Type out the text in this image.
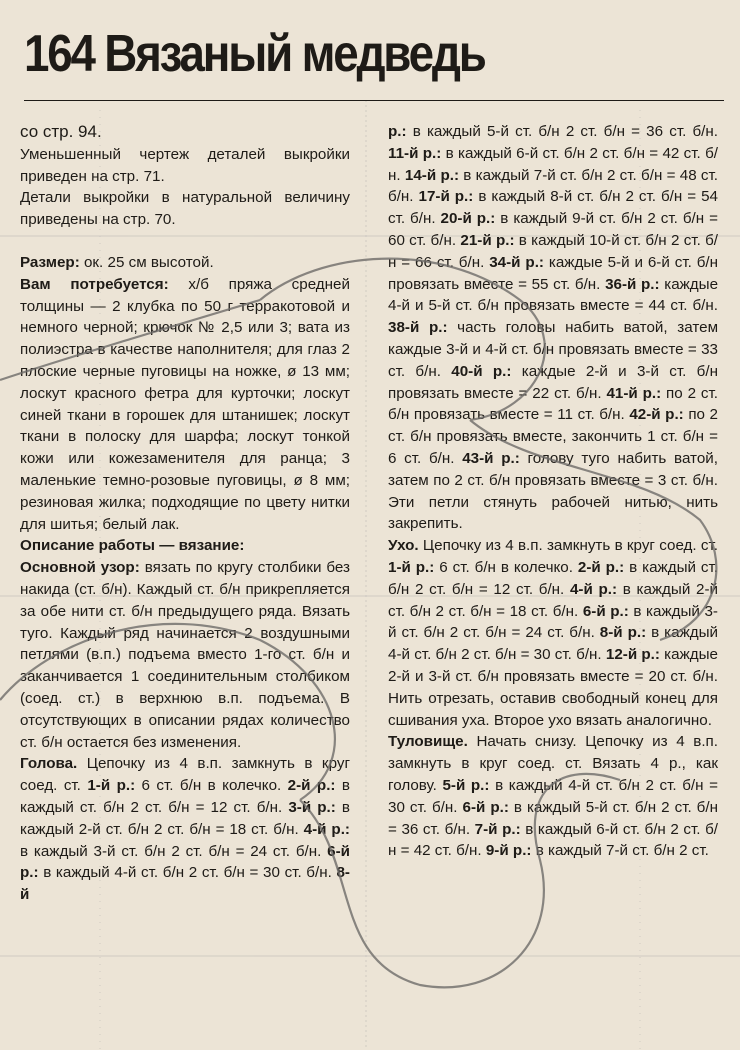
164 Вязаный медведь

со стр. 94.
Уменьшенный чертеж деталей выкройки приведен на стр. 71.

Детали выкройки в натуральной величину приведены на стр. 70.

Размер: ок. 25 см высотой.

Вам потребуется: х/б пряжа средней толщины — 2 клубка по 50 г терракотовой и немного черной; крючок № 2,5 или 3; вата из полиэстра в качестве наполнителя; для глаз 2 плоские черные пуговицы на ножке, ø 13 мм; лоскут красного фетра для курточки; лоскут синей ткани в горошек для штанишек; лоскут ткани в полоску для шарфа; лоскут тонкой кожи или кожезаменителя для ранца; 3 маленькие темно-розовые пуговицы, ø 8 мм; резиновая жилка; подходящие по цвету нитки для шитья; белый лак.

Описание работы — вязание:

Основной узор: вязать по кругу столбики без накида (ст. б/н). Каждый ст. б/н прикрепляется за обе нити ст. б/н предыдущего ряда. Вязать туго. Каждый ряд начинается 2 воздушными петлями (в.п.) подъема вместо 1-го ст. б/н и заканчивается 1 соединительным столбиком (соед. ст.) в верхнюю в.п. подъема. В отсутствующих в описании рядах количество ст. б/н остается без изменения.

Голова. Цепочку из 4 в.п. замкнуть в круг соед. ст. 1-й р.: 6 ст. б/н в колечко. 2-й р.: в каждый ст. б/н 2 ст. б/н = 12 ст. б/н. 3-й р.: в каждый 2-й ст. б/н 2 ст. б/н = 18 ст. б/н. 4-й р.: в каждый 3-й ст. б/н 2 ст. б/н = 24 ст. б/н. 6-й р.: в каждый 4-й ст. б/н 2 ст. б/н = 30 ст. б/н. 8-й

р.: в каждый 5-й ст. б/н 2 ст. б/н = 36 ст. б/н. 11-й р.: в каждый 6-й ст. б/н 2 ст. б/н = 42 ст. б/н. 14-й р.: в каждый 7-й ст. б/н 2 ст. б/н = 48 ст. б/н. 17-й р.: в каждый 8-й ст. б/н 2 ст. б/н = 54 ст. б/н. 20-й р.: в каждый 9-й ст. б/н 2 ст. б/н = 60 ст. б/н. 21-й р.: в каждый 10-й ст. б/н 2 ст. б/н = 66 ст. б/н. 34-й р.: каждые 5-й и 6-й ст. б/н провязать вместе = 55 ст. б/н. 36-й р.: каждые 4-й и 5-й ст. б/н провязать вместе = 44 ст. б/н. 38-й р.: часть головы набить ватой, затем каждые 3-й и 4-й ст. б/н провязать вместе = 33 ст. б/н. 40-й р.: каждые 2-й и 3-й ст. б/н провязать вместе = 22 ст. б/н. 41-й р.: по 2 ст. б/н провязать вместе = 11 ст. б/н. 42-й р.: по 2 ст. б/н провязать вместе, закончить 1 ст. б/н = 6 ст. б/н. 43-й р.: голову туго набить ватой, затем по 2 ст. б/н провязать вместе = 3 ст. б/н. Эти петли стянуть рабочей нитью, нить закрепить.

Ухо. Цепочку из 4 в.п. замкнуть в круг соед. ст. 1-й р.: 6 ст. б/н в колечко. 2-й р.: в каждый ст. б/н 2 ст. б/н = 12 ст. б/н. 4-й р.: в каждый 2-й ст. б/н 2 ст. б/н = 18 ст. б/н. 6-й р.: в каждый 3-й ст. б/н 2 ст. б/н = 24 ст. б/н. 8-й р.: в каждый 4-й ст. б/н 2 ст. б/н = 30 ст. б/н. 12-й р.: каждые 2-й и 3-й ст. б/н провязать вместе = 20 ст. б/н. Нить отрезать, оставив свободный конец для сшивания уха. Второе ухо вязать аналогично.

Туловище. Начать снизу. Цепочку из 4 в.п. замкнуть в круг соед. ст. Вязать 4 р., как голову. 5-й р.: в каждый 4-й ст. б/н 2 ст. б/н = 30 ст. б/н. 6-й р.: в каждый 5-й ст. б/н 2 ст. б/н = 36 ст. б/н. 7-й р.: в каждый 6-й ст. б/н 2 ст. б/н = 42 ст. б/н. 9-й р.: в каждый 7-й ст. б/н 2 ст.
